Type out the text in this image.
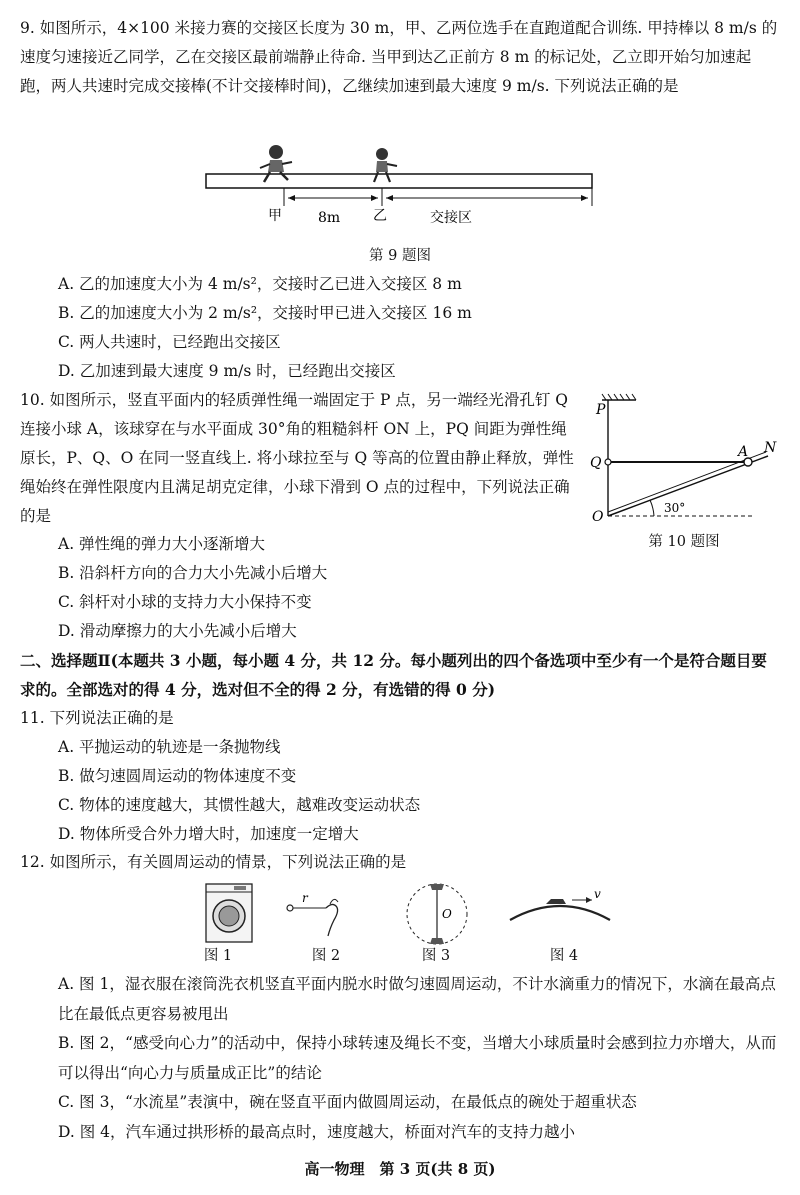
9. 如图所示，4×100 米接力赛的交接区长度为 30 m，甲、乙两位选手在直跑道配合训练. 甲持棒以 8 m/s 的速度匀速接近乙同学，乙在交接区最前端静止待命. 当甲到达乙正前方 8 m 的标记处，乙立即开始匀加速起跑，两人共速时完成交接棒(不计交接棒时间)，乙继续加速到最大速度 9 m/s. 下列说法正确的是

甲	8m 乙	交接区
第 9 题图

A. 乙的加速度大小为 4 m/s²，交接时乙已进入交接区 8 m

B. 乙的加速度大小为 2 m/s²，交接时甲已进入交接区 16 m

C. 两人共速时，已经跑出交接区

D. 乙加速到最大速度 9 m/s 时，已经跑出交接区

10. 如图所示，竖直平面内的轻质弹性绳一端固定于 P 点，另一端经光滑孔钉 Q 连接小球 A，该球穿在与水平面成 30°角的粗糙斜杆 ON 上，PQ 间距为弹性绳原长，P、Q、O 在同一竖直线上. 将小球拉至与 Q 等高的位置由静止释放，弹性绳始终在弹性限度内且满足胡克定律，小球下滑到 O 点的过程中，下列说法正确的是

P
Q
O
A N
30°
第 10 题图

A. 弹性绳的弹力大小逐渐增大

B. 沿斜杆方向的合力大小先减小后增大

C. 斜杆对小球的支持力大小保持不变

D. 滑动摩擦力的大小先减小后增大

二、选择题Ⅱ(本题共 3 小题，每小题 4 分，共 12 分。每小题列出的四个备选项中至少有一个是符合题目要求的。全部选对的得 4 分，选对但不全的得 2 分，有选错的得 0 分)

11. 下列说法正确的是

A. 平抛运动的轨迹是一条抛物线

B. 做匀速圆周运动的物体速度不变

C. 物体的速度越大，其惯性越大，越难改变运动状态

D. 物体所受合外力增大时，加速度一定增大

12. 如图所示，有关圆周运动的情景，下列说法正确的是

r
O
v
图 1	图 2	图 3	图 4

A. 图 1，湿衣服在滚筒洗衣机竖直平面内脱水时做匀速圆周运动，不计水滴重力的情况下，水滴在最高点比在最低点更容易被甩出

B. 图 2，“感受向心力”的活动中，保持小球转速及绳长不变，当增大小球质量时会感到拉力亦增大，从而可以得出“向心力与质量成正比”的结论

C. 图 3，“水流星”表演中，碗在竖直平面内做圆周运动，在最低点的碗处于超重状态

D. 图 4，汽车通过拱形桥的最高点时，速度越大，桥面对汽车的支持力越小

高一物理　第 3 页(共 8 页)
